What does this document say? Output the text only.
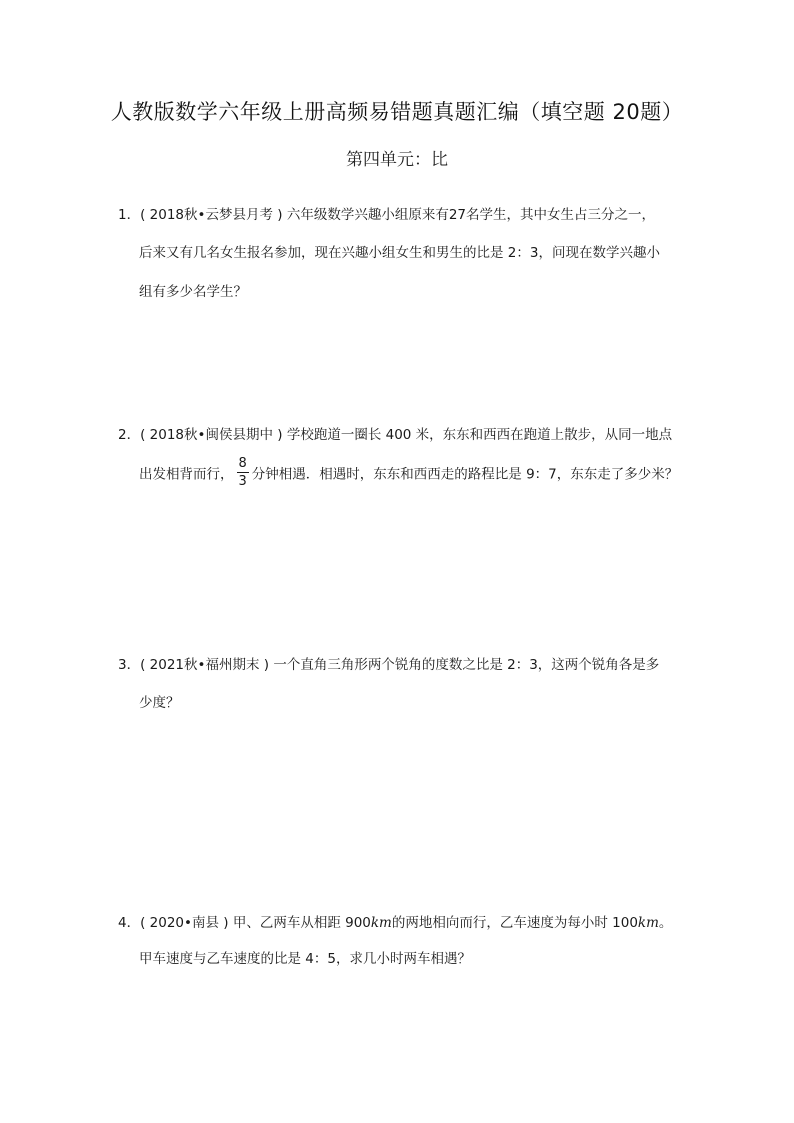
人教版数学六年级上册高频易错题真题汇编（填空题 20题）
第四单元：比
1．( 2018秋•云梦县月考 ) 六年级数学兴趣小组原来有27名学生，其中女生占三分之一，
后来又有几名女生报名参加，现在兴趣小组女生和男生的比是 2：3，问现在数学兴趣小
组有多少名学生？
2．( 2018秋•闽侯县期中 ) 学校跑道一圈长 400 米，东东和西西在跑道上散步，从同一地点
出发相背而行， $\frac{8}{3}$ 分钟相遇．相遇时，东东和西西走的路程比是 9：7，东东走了多少米？
3．( 2021秋•福州期末 ) 一个直角三角形两个锐角的度数之比是 2：3，这两个锐角各是多
少度？
4．( 2020•南县 ) 甲、乙两车从相距 900km的两地相向而行，乙车速度为每小时 100km。
甲车速度与乙车速度的比是 4：5，求几小时两车相遇？
